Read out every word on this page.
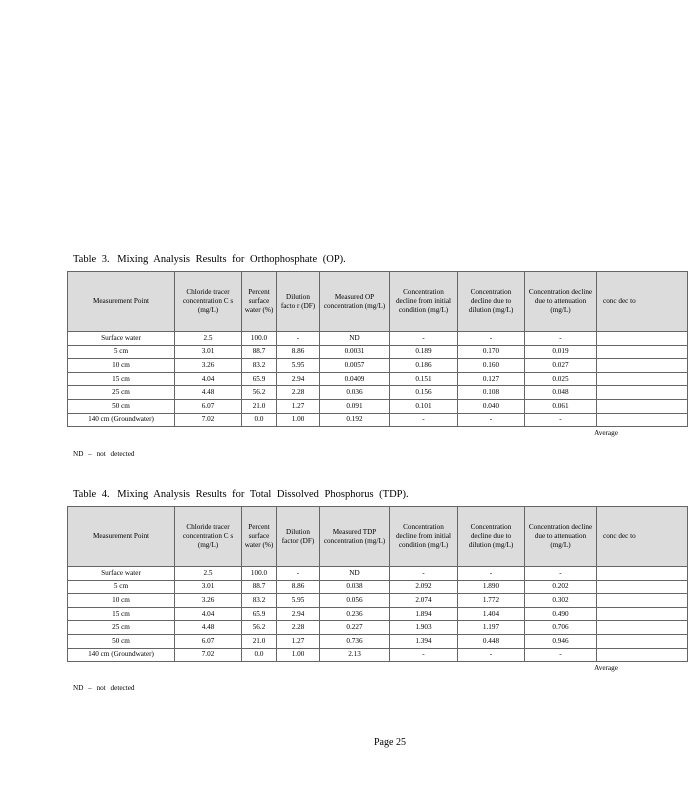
Table 3. Mixing Analysis Results for Orthophosphate (OP).
Measurement Point	Chloride tracer concentration C s (mg/L)	Percent surface water (%)	Dilution facto r (DF)	Measured OP concentration (mg/L)	Concentration decline from initial condition (mg/L)	Concentration decline due to dilution (mg/L)	Concentration decline due to attenuation (mg/L)	conc dec to
Surface water	2.5	100.0	-	ND	-	-	-	
5 cm	3.01	88.7	8.86	0.0031	0.189	0.170	0.019	
10 cm	3.26	83.2	5.95	0.0057	0.186	0.160	0.027	
15 cm	4.04	65.9	2.94	0.0409	0.151	0.127	0.025	
25 cm	4.48	56.2	2.28	0.036	0.156	0.108	0.048	
50 cm	6.07	21.0	1.27	0.091	0.101	0.040	0.061	
140 cm (Groundwater)	7.02	0.0	1.00	0.192	-	-	-	
							Average	
ND – not detected
Table 4. Mixing Analysis Results for Total Dissolved Phosphorus (TDP).
Measurement Point	Chloride tracer concentration C s (mg/L)	Percent surface water (%)	Dilution factor (DF)	Measured TDP concentration (mg/L)	Concentration decline from initial condition (mg/L)	Concentration decline due to dilution (mg/L)	Concentration decline due to attenuation (mg/L)	conc dec to
Surface water	2.5	100.0	-	ND	-	-	-	
5 cm	3.01	88.7	8.86	0.038	2.092	1.890	0.202	
10 cm	3.26	83.2	5.95	0.056	2.074	1.772	0.302	
15 cm	4.04	65.9	2.94	0.236	1.894	1.404	0.490	
25 cm	4.48	56.2	2.28	0.227	1.903	1.197	0.706	
50 cm	6.07	21.0	1.27	0.736	1.394	0.448	0.946	
140 cm (Groundwater)	7.02	0.0	1.00	2.13	-	-	-	
							Average	
ND – not detected
Page 25
